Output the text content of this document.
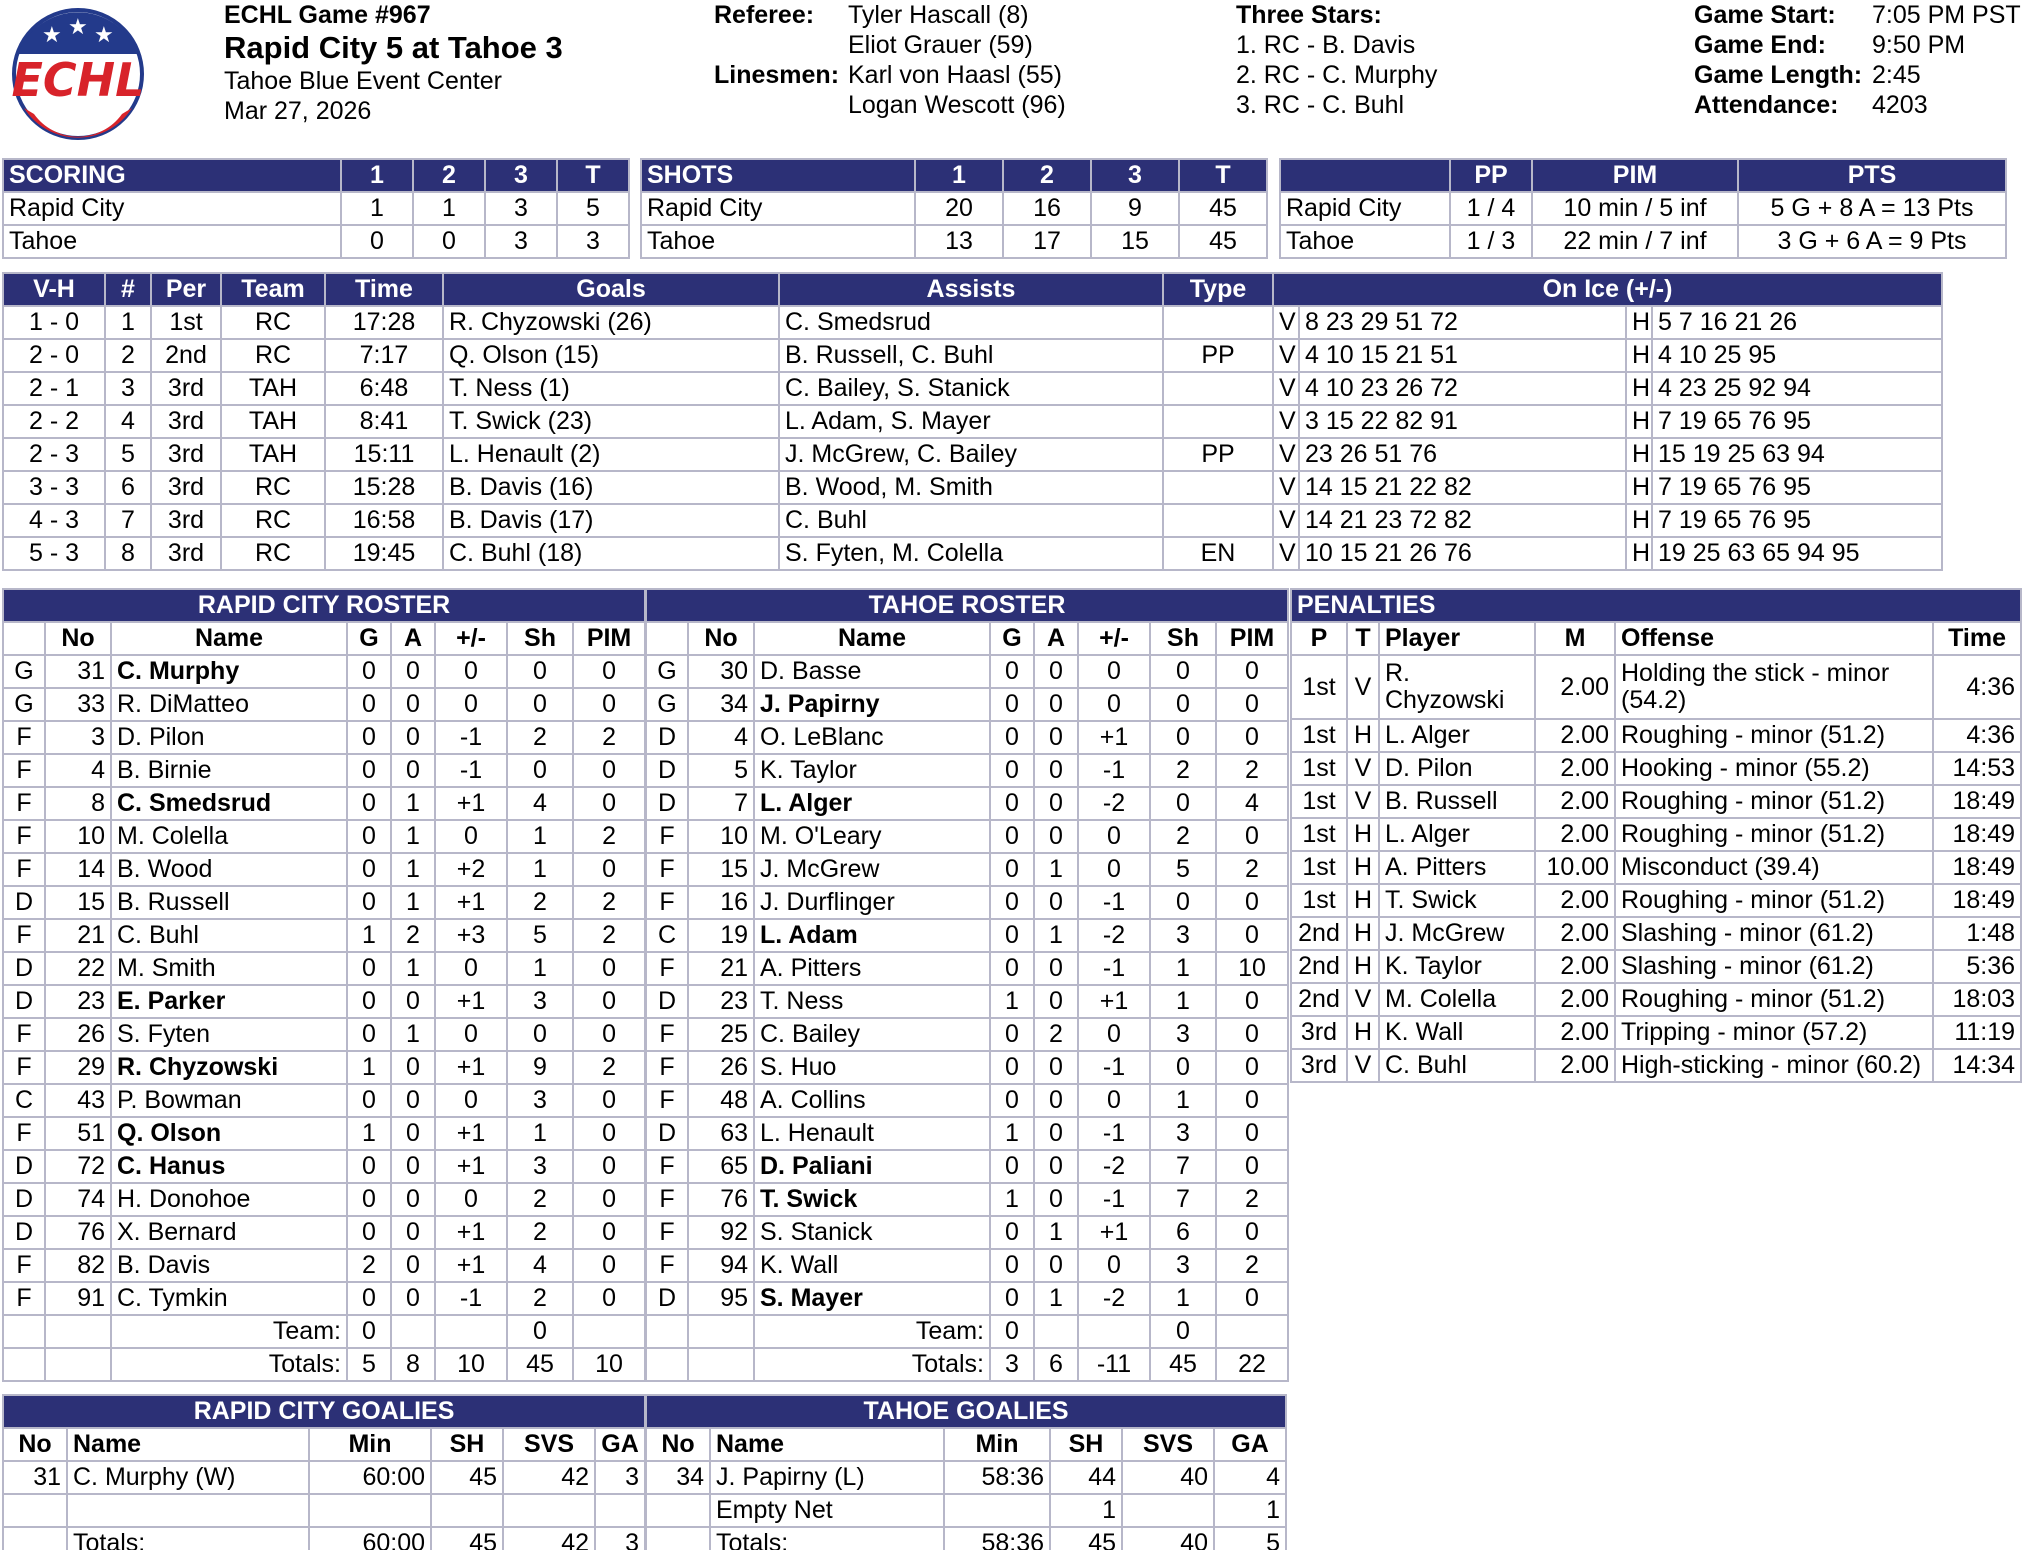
★ ★ ★
ECHL
ECHL Game #967
Rapid City 5 at Tahoe 3
Tahoe Blue Event Center
Mar 27, 2026
Referee:	Tyler Hascall (8)
Eliot Grauer (59)
Linesmen: Karl von Haasl (55)
Logan Wescott (96)
Three Stars:
1. RC - B. Davis
2. RC - C. Murphy
3. RC - C. Buhl
Game Start:	7:05 PM PST
Game End:	9:50 PM
Game Length: 2:45
Attendance:	4203
SCORING	1	2	3	T
Rapid City	1	1	3	5
Tahoe	0	0	3	3
SHOTS	1	2	3	T
Rapid City	20	16	9	45
Tahoe	13	17	15	45
	PP	PIM	PTS
Rapid City	1 / 4	10 min / 5 inf	5 G + 8 A = 13 Pts
Tahoe	1 / 3	22 min / 7 inf	3 G + 6 A = 9 Pts
V-H	#	Per	Team	Time	Goals	Assists	Type	On Ice (+/-)			
1 - 0	1	1st	RC	17:28	R. Chyzowski (26)	C. Smedsrud		V	8 23 29 51 72	H	5 7 16 21 26
2 - 0	2	2nd	RC	7:17	Q. Olson (15)	B. Russell, C. Buhl	PP	V	4 10 15 21 51	H	4 10 25 95
2 - 1	3	3rd	TAH	6:48	T. Ness (1)	C. Bailey, S. Stanick		V	4 10 23 26 72	H	4 23 25 92 94
2 - 2	4	3rd	TAH	8:41	T. Swick (23)	L. Adam, S. Mayer		V	3 15 22 82 91	H	7 19 65 76 95
2 - 3	5	3rd	TAH	15:11	L. Henault (2)	J. McGrew, C. Bailey	PP	V	23 26 51 76	H	15 19 25 63 94
3 - 3	6	3rd	RC	15:28	B. Davis (16)	B. Wood, M. Smith		V	14 15 21 22 82	H	7 19 65 76 95
4 - 3	7	3rd	RC	16:58	B. Davis (17)	C. Buhl		V	14 21 23 72 82	H	7 19 65 76 95
5 - 3	8	3rd	RC	19:45	C. Buhl (18)	S. Fyten, M. Colella	EN	V	10 15 21 26 76	H	19 25 63 65 94 95
RAPID CITY ROSTER							
	No	Name	G	A	+/-	Sh	PIM
G	31	C. Murphy	0	0	0	0	0
G	33	R. DiMatteo	0	0	0	0	0
F	3	D. Pilon	0	0	-1	2	2
F	4	B. Birnie	0	0	-1	0	0
F	8	C. Smedsrud	0	1	+1	4	0
F	10	M. Colella	0	1	0	1	2
F	14	B. Wood	0	1	+2	1	0
D	15	B. Russell	0	1	+1	2	2
F	21	C. Buhl	1	2	+3	5	2
D	22	M. Smith	0	1	0	1	0
D	23	E. Parker	0	0	+1	3	0
F	26	S. Fyten	0	1	0	0	0
F	29	R. Chyzowski	1	0	+1	9	2
C	43	P. Bowman	0	0	0	3	0
F	51	Q. Olson	1	0	+1	1	0
D	72	C. Hanus	0	0	+1	3	0
D	74	H. Donohoe	0	0	0	2	0
D	76	X. Bernard	0	0	+1	2	0
F	82	B. Davis	2	0	+1	4	0
F	91	C. Tymkin	0	0	-1	2	0
		Team:	0			0	
		Totals:	5	8	10	45	10
TAHOE ROSTER							
	No	Name	G	A	+/-	Sh	PIM
G	30	D. Basse	0	0	0	0	0
G	34	J. Papirny	0	0	0	0	0
D	4	O. LeBlanc	0	0	+1	0	0
D	5	K. Taylor	0	0	-1	2	2
D	7	L. Alger	0	0	-2	0	4
F	10	M. O'Leary	0	0	0	2	0
F	15	J. McGrew	0	1	0	5	2
F	16	J. Durflinger	0	0	-1	0	0
C	19	L. Adam	0	1	-2	3	0
F	21	A. Pitters	0	0	-1	1	10
D	23	T. Ness	1	0	+1	1	0
F	25	C. Bailey	0	2	0	3	0
F	26	S. Huo	0	0	-1	0	0
F	48	A. Collins	0	0	0	1	0
D	63	L. Henault	1	0	-1	3	0
F	65	D. Paliani	0	0	-2	7	0
F	76	T. Swick	1	0	-1	7	2
F	92	S. Stanick	0	1	+1	6	0
F	94	K. Wall	0	0	0	3	2
D	95	S. Mayer	0	1	-2	1	0
		Team:	0			0	
		Totals:	3	6	-11	45	22
PENALTIES					
P	T	Player	M	Offense	Time
1st	V	R. Chyzowski	2.00	Holding the stick - minor (54.2)	4:36
1st	H	L. Alger	2.00	Roughing - minor (51.2)	4:36
1st	V	D. Pilon	2.00	Hooking - minor (55.2)	14:53
1st	V	B. Russell	2.00	Roughing - minor (51.2)	18:49
1st	H	L. Alger	2.00	Roughing - minor (51.2)	18:49
1st	H	A. Pitters	10.00	Misconduct (39.4)	18:49
1st	H	T. Swick	2.00	Roughing - minor (51.2)	18:49
2nd	H	J. McGrew	2.00	Slashing - minor (61.2)	1:48
2nd	H	K. Taylor	2.00	Slashing - minor (61.2)	5:36
2nd	V	M. Colella	2.00	Roughing - minor (51.2)	18:03
3rd	H	K. Wall	2.00	Tripping - minor (57.2)	11:19
3rd	V	C. Buhl	2.00	High-sticking - minor (60.2)	14:34
RAPID CITY GOALIES					
No	Name	Min	SH	SVS	GA
31	C. Murphy (W)	60:00	45	42	3

	Totals:	60:00	45	42	3
TAHOE GOALIES					
No	Name	Min	SH	SVS	GA
34	J. Papirny (L)	58:36	44	40	4
	Empty Net		1		1
	Totals:	58:36	45	40	5
